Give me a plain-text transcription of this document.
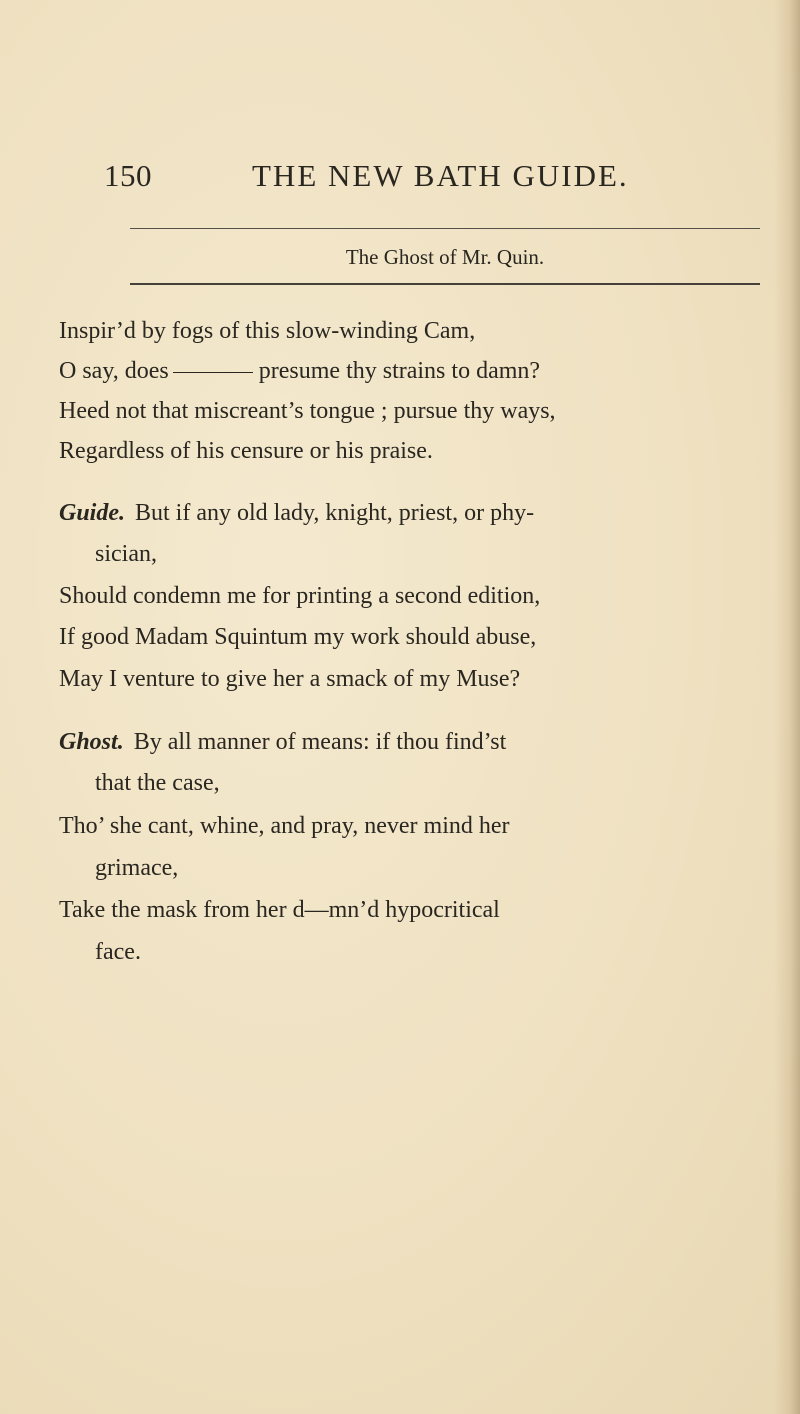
150	THE NEW BATH GUIDE.
The Ghost of Mr. Quin.
Inspir’d by fogs of this slow-winding Cam,
O say, does	presume thy strains to damn?
Heed not that miscreant’s tongue ; pursue thy ways,
Regardless of his censure or his praise.
Guide. But if any old lady, knight, priest, or phy-
sician,
Should condemn me for printing a second edition,
If good Madam Squintum my work should abuse,
May I venture to give her a smack of my Muse?
Ghost. By all manner of means: if thou find’st
that the case,
Tho’ she cant, whine, and pray, never mind her
grimace,
Take the mask from her d—mn’d hypocritical
face.
